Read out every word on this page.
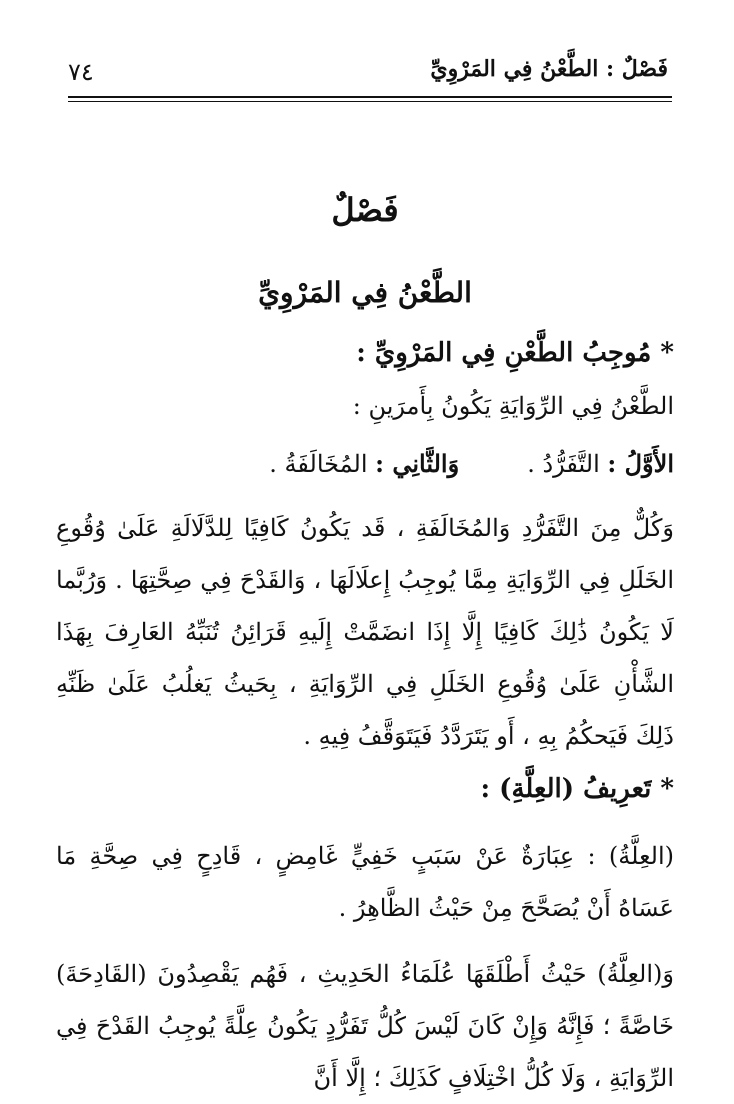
٧٤	فَصْلٌ : الطَّعْنُ فِي المَرْوِيِّ
فَصْلٌ
الطَّعْنُ فِي المَرْوِيِّ

* مُوجِبُ الطَّعْنِ فِي المَرْوِيِّ :

الطَّعْنُ فِي الرِّوَايَةِ يَكُونُ بِأَمرَينِ :

الأَوَّلُ : التَّفَرُّدُ .
وَالثَّانِي : المُخَالَفَةُ .

وَكُلٌّ مِنَ التَّفَرُّدِ وَالمُخَالَفَةِ ، قَد يَكُونُ كَافِيًا لِلدَّلَالَةِ عَلَىٰ وُقُوعِ الخَلَلِ فِي الرِّوَايَةِ مِمَّا يُوجِبُ إِعلَالَهَا ، وَالقَدْحَ فِي صِحَّتِهَا . وَرُبَّما لَا يَكُونُ ذَٰلِكَ كَافِيًا إِلَّا إِذَا انضَمَّتْ إِلَيهِ قَرَائِنُ تُنَبِّهُ العَارِفَ بِهَذَا الشَّأْنِ عَلَىٰ وُقُوعِ الخَلَلِ فِي الرِّوَايَةِ ، بِحَيثُ يَغلُبُ عَلَىٰ ظَنِّهِ ذَلِكَ فَيَحكُمُ بِهِ ، أَو يَتَرَدَّدُ فَيَتَوَقَّفُ فِيهِ .

* تَعرِيفُ (العِلَّةِ) :

(العِلَّةُ) : عِبَارَةٌ عَنْ سَبَبٍ خَفِيٍّ غَامِضٍ ، قَادِحٍ فِي صِحَّةِ مَا عَسَاهُ أَنْ يُصَحَّحَ مِنْ حَيْثُ الظَّاهِرُ .

وَ(العِلَّةُ) حَيْثُ أَطْلَقَهَا عُلَمَاءُ الحَدِيثِ ، فَهُم يَقْصِدُونَ (القَادِحَةَ) خَاصَّةً ؛ فَإِنَّهُ وَإِنْ كَانَ لَيْسَ كُلُّ تَفَرُّدٍ يَكُونُ عِلَّةً يُوجِبُ القَدْحَ فِي الرِّوَايَةِ ، وَلَا كُلُّ اخْتِلَافٍ كَذَلِكَ ؛ إِلَّا أَنَّ
